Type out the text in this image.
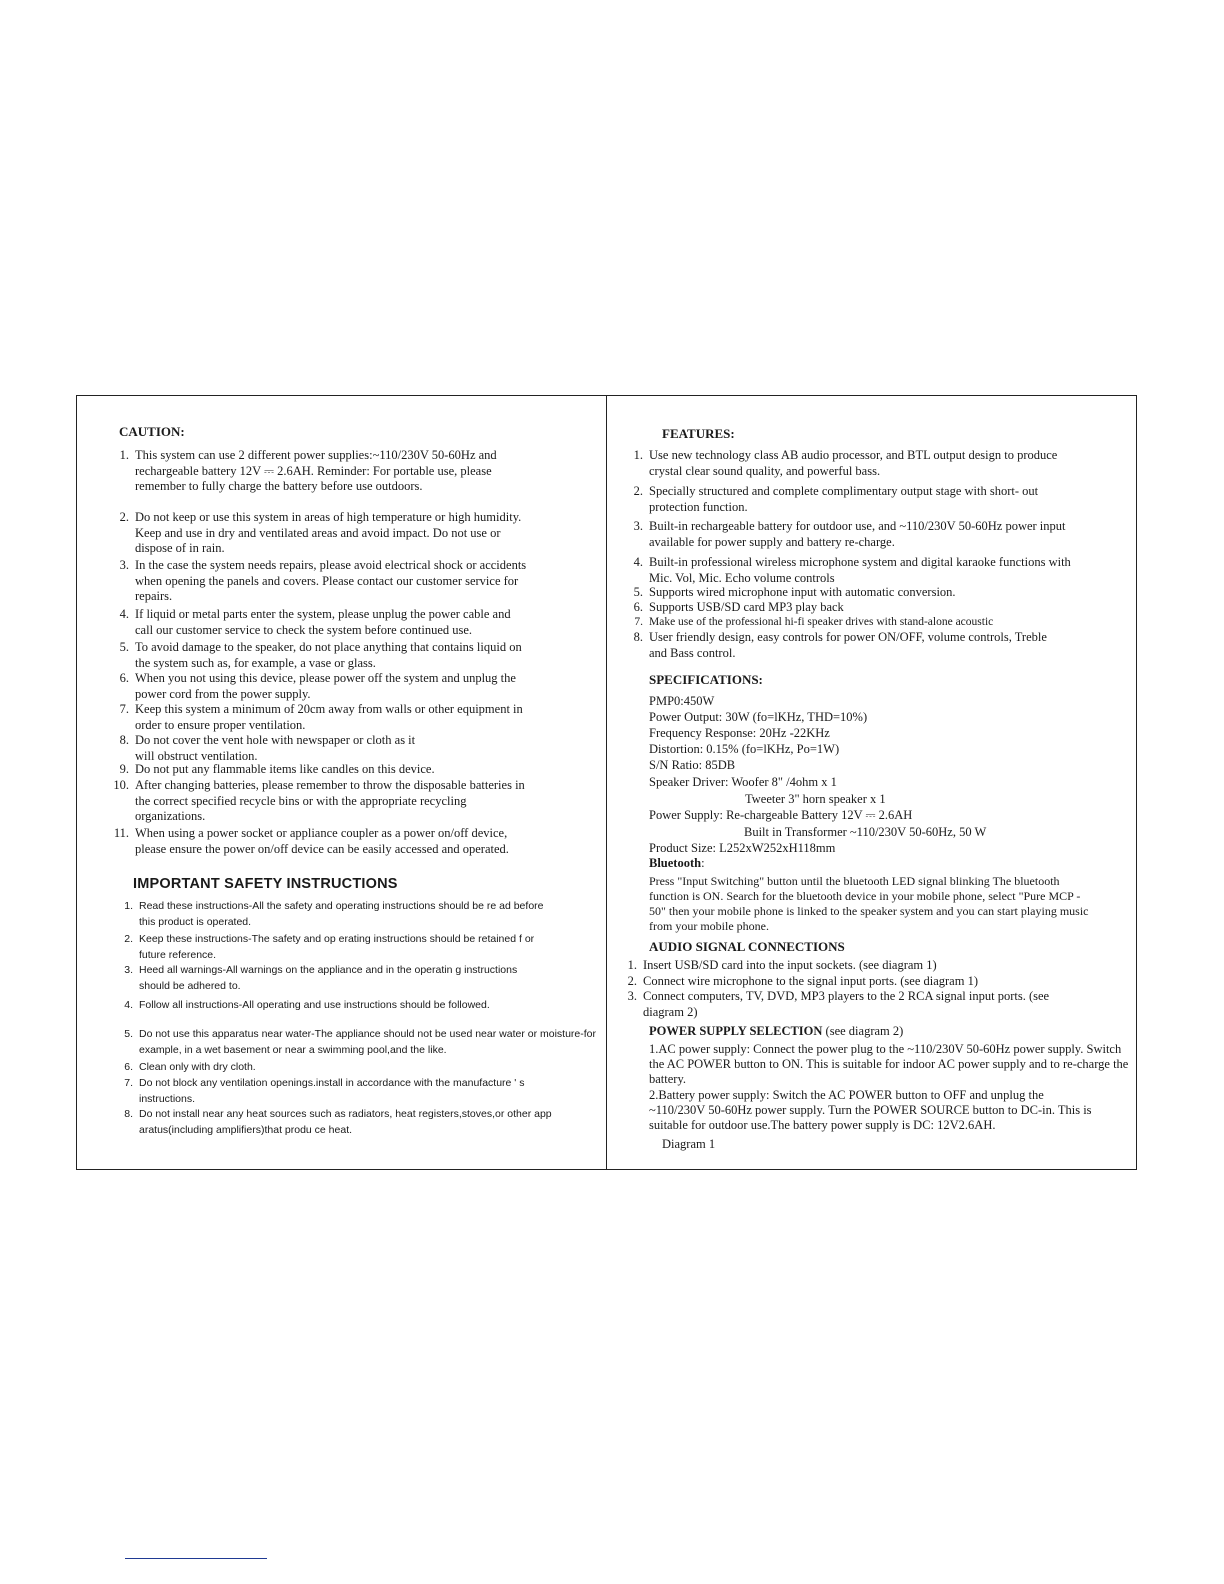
CAUTION:
1. This system can use 2 different power supplies:~110/230V 50-60Hz and rechargeable battery 12V ⎓ 2.6AH. Reminder: For portable use, please remember to fully charge the battery before use outdoors.
2. Do not keep or use this system in areas of high temperature or high humidity. Keep and use in dry and ventilated areas and avoid impact. Do not use or dispose of in rain.
3. In the case the system needs repairs, please avoid electrical shock or accidents when opening the panels and covers. Please contact our customer service for repairs.
4. If liquid or metal parts enter the system, please unplug the power cable and call our customer service to check the system before continued use.
5. To avoid damage to the speaker, do not place anything that contains liquid on the system such as, for example, a vase or glass.
6. When you not using this device, please power off the system and unplug the power cord from the power supply.
7. Keep this system a minimum of 20cm away from walls or other equipment in order to ensure proper ventilation.
8. Do not cover the vent hole with newspaper or cloth as it will obstruct ventilation.
9. Do not put any flammable items like candles on this device.
10. After changing batteries, please remember to throw the disposable batteries in the correct specified recycle bins or with the appropriate recycling organizations.
11. When using a power socket or appliance coupler as a power on/off device, please ensure the power on/off device can be easily accessed and operated.
IMPORTANT SAFETY INSTRUCTIONS
1. Read these instructions-All the safety and operating instructions should be re ad before this product is operated.
2. Keep these instructions-The safety and op erating instructions should be retained f or future reference.
3. Heed all warnings-All warnings on the appliance and in the operatin g instructions should be adhered to.
4. Follow all instructions-All operating and use instructions should be followed.
5. Do not use this apparatus near water-The appliance should not be used near water or moisture-for example, in a wet basement or near a swimming pool,and the like.
6. Clean only with dry cloth.
7. Do not block any ventilation openings.install in accordance with the manufacture ' s instructions.
8. Do not install near any heat sources such as radiators, heat registers,stoves,or other app aratus(including amplifiers)that produ ce heat.
FEATURES:
1. Use new technology class AB audio processor, and BTL output design to produce crystal clear sound quality, and powerful bass.
2. Specially structured and complete complimentary output stage with short- out protection function.
3. Built-in rechargeable battery for outdoor use, and ~110/230V 50-60Hz power input available for power supply and battery re-charge.
4. Built-in professional wireless microphone system and digital karaoke functions with Mic. Vol, Mic. Echo volume controls
5. Supports wired microphone input with automatic conversion.
6. Supports USB/SD card MP3 play back
7. Make use of the professional hi-fi speaker drives with stand-alone acoustic
8. User friendly design, easy controls for power ON/OFF, volume controls, Treble and Bass control.
SPECIFICATIONS:
PMP0:450W
Power Output: 30W (fo=lKHz, THD=10%)
Frequency Response: 20Hz -22KHz
Distortion: 0.15% (fo=lKHz, Po=1W)
S/N Ratio: 85DB
Speaker Driver: Woofer 8" /4ohm x 1
Tweeter 3" horn speaker x 1
Power Supply: Re-chargeable Battery 12V ⎓ 2.6AH
Built in Transformer ~110/230V 50-60Hz, 50 W
Product Size: L252xW252xH118mm
Bluetooth:
Press "Input Switching" button until the bluetooth LED signal blinking The bluetooth function is ON. Search for the bluetooth device in your mobile phone, select "Pure MCP - 50" then your mobile phone is linked to the speaker system and you can start playing music from your mobile phone.
AUDIO SIGNAL CONNECTIONS
1. Insert USB/SD card into the input sockets. (see diagram 1)
2. Connect wire microphone to the signal input ports. (see diagram 1)
3. Connect computers, TV, DVD, MP3 players to the 2 RCA signal input ports. (see diagram 2)
POWER SUPPLY SELECTION (see diagram 2)
1.AC power supply: Connect the power plug to the ~110/230V 50-60Hz power supply. Switch the AC POWER button to ON. This is suitable for indoor AC power supply and to re-charge the battery.
2.Battery power supply: Switch the AC POWER button to OFF and unplug the ~110/230V 50-60Hz power supply. Turn the POWER SOURCE button to DC-in. This is suitable for outdoor use.The battery power supply is DC: 12V2.6AH.
Diagram 1
